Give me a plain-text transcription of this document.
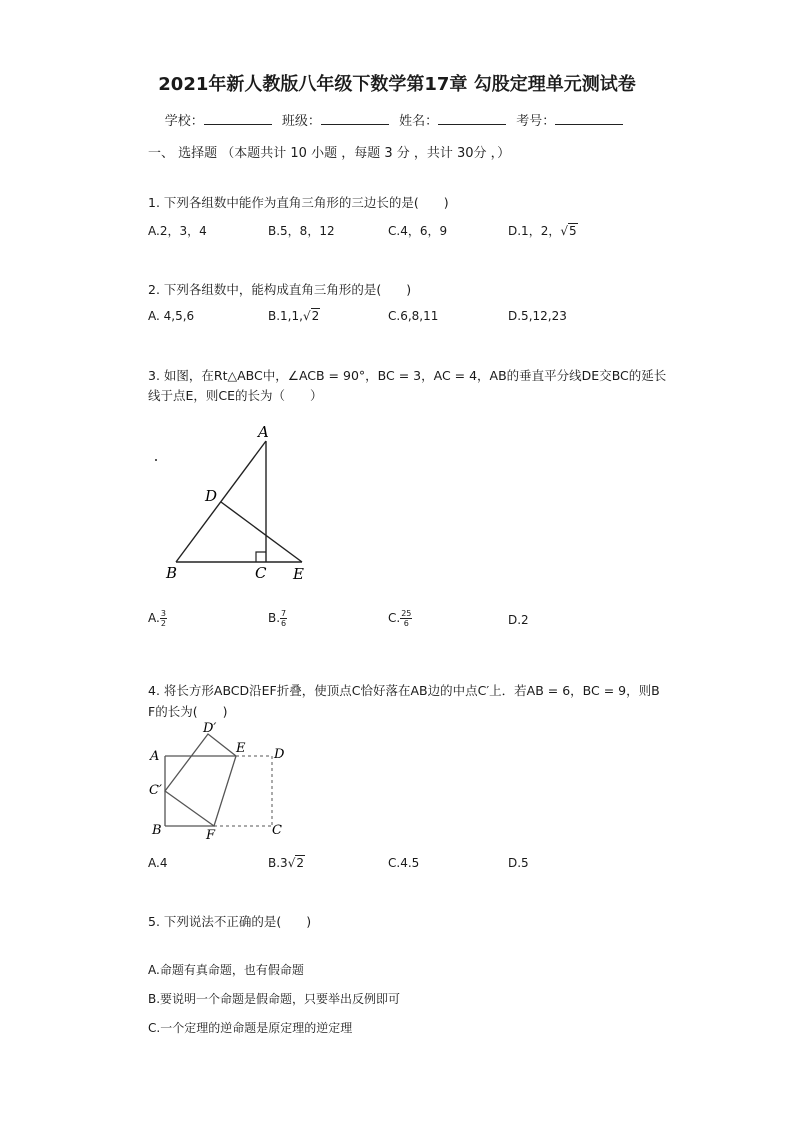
2021年新人教版八年级下数学第17章 勾股定理单元测试卷
学校：	班级：	姓名：	考号：
一、 选择题 （本题共计 10 小题 ，每题 3 分 ，共计 30分 ，）
1. 下列各组数中能作为直角三角形的三边长的是(　　)
A.2，3，4	B.5，8，12	C.4，6，9	D.1，2，√5
2. 下列各组数中，能构成直角三角形的是(　　)
A. 4,5,6	B.1,1,√2	C.6,8,11	D.5,12,23
3. 如图，在Rt△ABC中，∠ACB = 90°，BC = 3，AC = 4，AB的垂直平分线DE交BC的延长
线于点E，则CE的长为（　　）
A
D
B	C E
A. $\frac{3}{2}$	B. $\frac{7}{6}$	C. $\frac{25}{6}$	D.2
4. 将长方形ABCD沿EF折叠，使顶点C恰好落在AB边的中点C′上．若AB = 6，BC = 9，则B
F的长为(　　)
D′
A
E D
C′
B	F	C
A.4	B.3√2	C.4.5	D.5
5. 下列说法不正确的是(　　)
A.命题有真命题，也有假命题
B.要说明一个命题是假命题，只要举出反例即可
C.一个定理的逆命题是原定理的逆定理
